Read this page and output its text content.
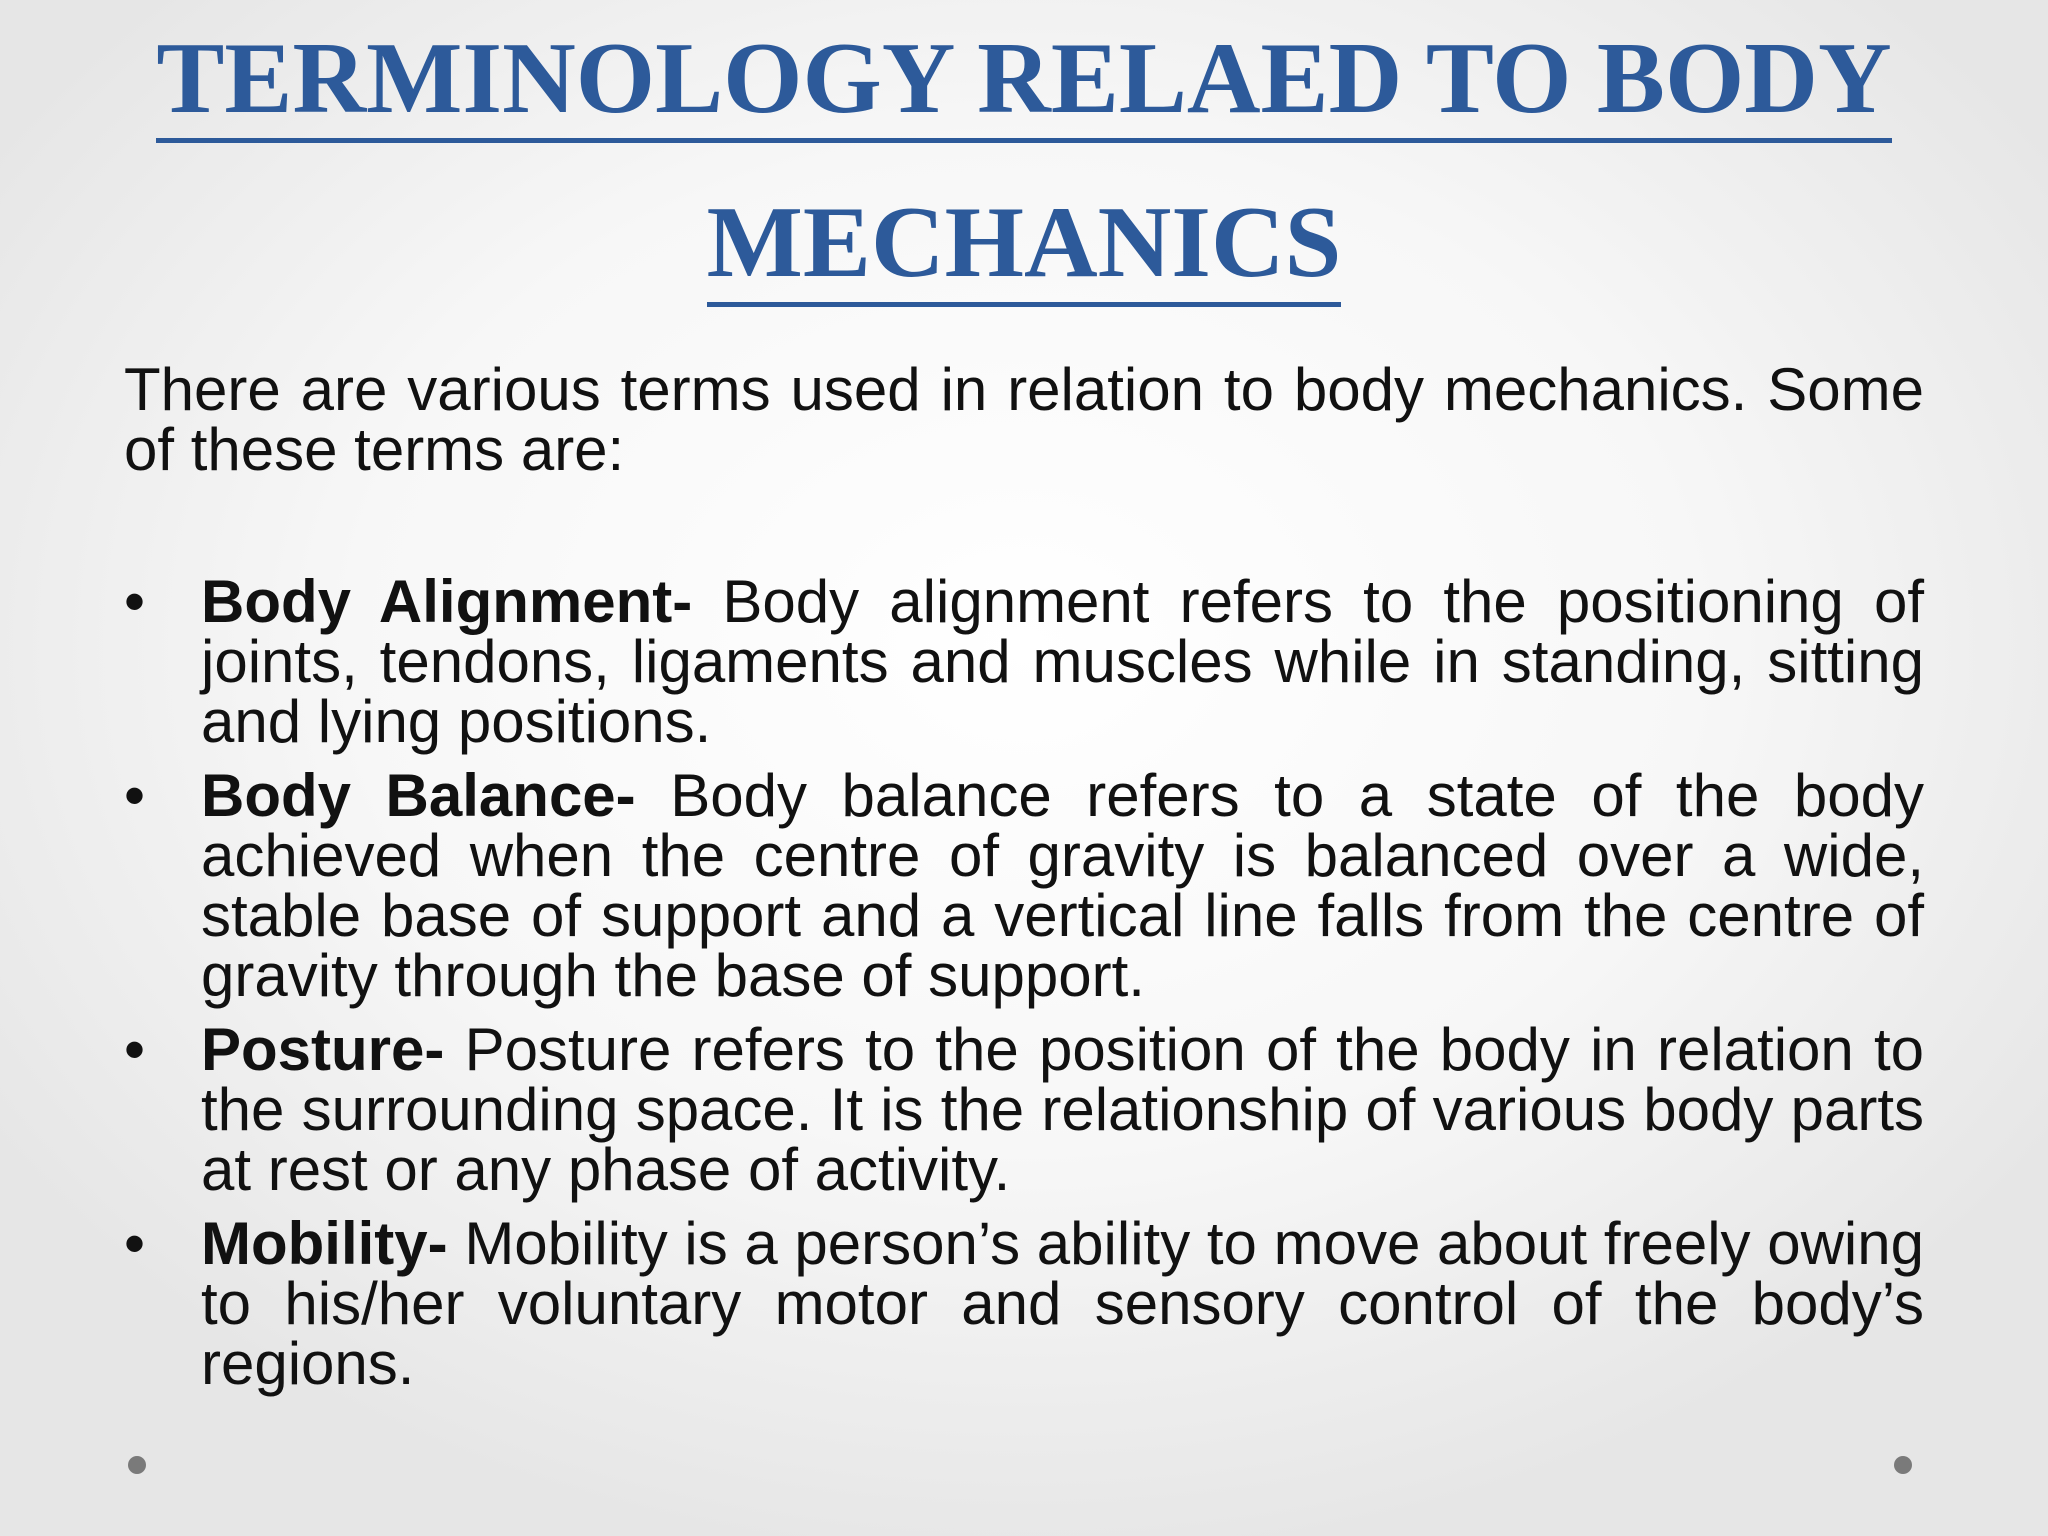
TERMINOLOGY RELAED TO BODY
MECHANICS

There are various terms used in relation to body mechanics. Some of these terms are:

• Body Alignment- Body alignment refers to the positioning of joints, tendons, ligaments and muscles while in standing, sitting and lying positions.
• Body Balance- Body balance refers to a state of the body achieved when the centre of gravity is balanced over a wide, stable base of support and a vertical line falls from the centre of gravity through the base of support.
• Posture- Posture refers to the position of the body in relation to the surrounding space. It is the relationship of various body parts at rest or any phase of activity.
• Mobility- Mobility is a person’s ability to move about freely owing to his/her voluntary motor and sensory control of the body’s regions.
